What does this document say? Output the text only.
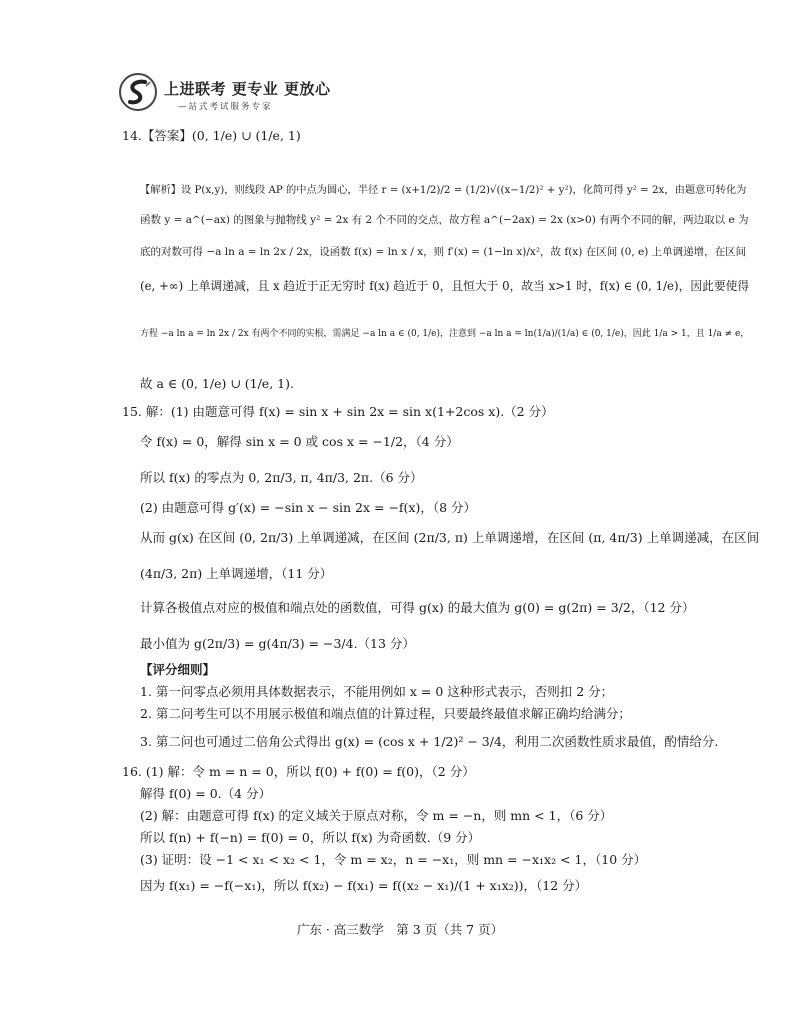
上进联考 更专业 更放心
—站式考试服务专家
14.【答案】(0, 1/e) ∪ (1/e, 1)
【解析】设 P(x,y)，则线段 AP 的中点为圆心，半径 r = (x+1/2)/2 = (1/2)√((x−1/2)² + y²)，化简可得 y² = 2x，由题意可转化为
函数 y = a^(−ax) 的图象与抛物线 y² = 2x 有 2 个不同的交点，故方程 a^(−2ax) = 2x (x>0) 有两个不同的解，两边取以 e 为
底的对数可得 −a ln a = ln 2x / 2x，设函数 f(x) = ln x / x，则 f′(x) = (1−ln x)/x²，故 f(x) 在区间 (0, e) 上单调递增，在区间
(e, +∞) 上单调递减，且 x 趋近于正无穷时 f(x) 趋近于 0，且恒大于 0，故当 x>1 时，f(x) ∈ (0, 1/e)，因此要使得
方程 −a ln a = ln 2x / 2x 有两个不同的实根，需满足 −a ln a ∈ (0, 1/e)，注意到 −a ln a = ln(1/a)/(1/a) ∈ (0, 1/e)，因此 1/a > 1，且 1/a ≠ e，
故 a ∈ (0, 1/e) ∪ (1/e, 1).
15. 解：(1) 由题意可得 f(x) = sin x + sin 2x = sin x(1+2cos x).（2 分）
令 f(x) = 0，解得 sin x = 0 或 cos x = −1/2，（4 分）
所以 f(x) 的零点为 0, 2π/3, π, 4π/3, 2π.（6 分）
(2) 由题意可得 g′(x) = −sin x − sin 2x = −f(x)，（8 分）
从而 g(x) 在区间 (0, 2π/3) 上单调递减，在区间 (2π/3, π) 上单调递增，在区间 (π, 4π/3) 上单调递减，在区间
(4π/3, 2π) 上单调递增，（11 分）
计算各极值点对应的极值和端点处的函数值，可得 g(x) 的最大值为 g(0) = g(2π) = 3/2，（12 分）
最小值为 g(2π/3) = g(4π/3) = −3/4.（13 分）
【评分细则】
1. 第一问零点必须用具体数据表示，不能用例如 x = 0 这种形式表示，否则扣 2 分；
2. 第二问考生可以不用展示极值和端点值的计算过程，只要最终最值求解正确均给满分；
3. 第二问也可通过二倍角公式得出 g(x) = (cos x + 1/2)² − 3/4，利用二次函数性质求最值，酌情给分.
16. (1) 解：令 m = n = 0，所以 f(0) + f(0) = f(0)，（2 分）
解得 f(0) = 0.（4 分）
(2) 解：由题意可得 f(x) 的定义域关于原点对称，令 m = −n，则 mn < 1，（6 分）
所以 f(n) + f(−n) = f(0) = 0，所以 f(x) 为奇函数.（9 分）
(3) 证明：设 −1 < x₁ < x₂ < 1，令 m = x₂，n = −x₁，则 mn = −x₁x₂ < 1，（10 分）
因为 f(x₁) = −f(−x₁)，所以 f(x₂) − f(x₁) = f((x₂ − x₁)/(1 + x₁x₂))，（12 分）
广东 · 高三数学　第 3 页（共 7 页）
